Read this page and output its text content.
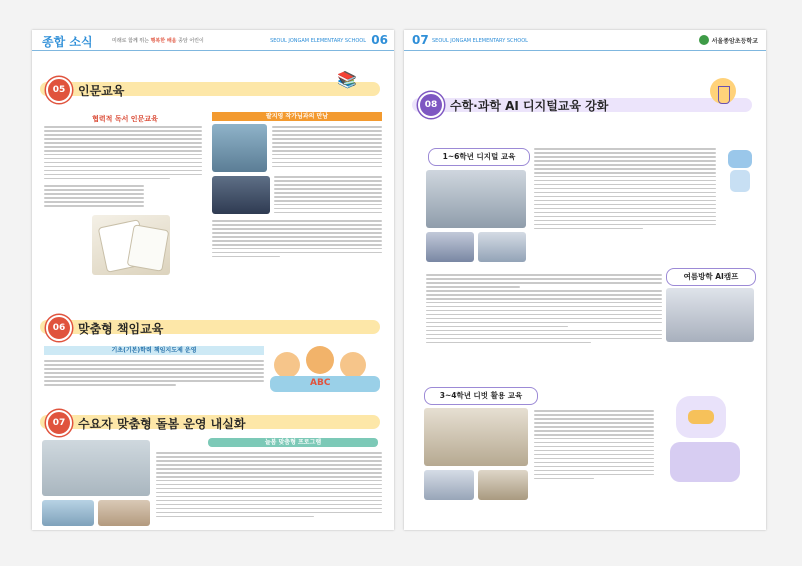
종합 소식	미래로 함께 뛰는 행복한 배움 종암 어린이	SEOUL JONGAM ELEMENTARY SCHOOL 06
05 인문교육
📚
협력적 독서 인문교육	팔지영 작가님과의 만남
06 맞춤형 책임교육
기초(기본)학력 책임지도제 운영
ABC
07 수요자 맞춤형 돌봄 운영 내실화
늘봄 맞춤형 프로그램
07 SEOUL JONGAM ELEMENTARY SCHOOL	서울종암초등학교
08 수학·과학 AI 디지털교육 강화
1~6학년 디지털 교육
여름방학 AI캠프
3~4학년 디벗 활용 교육
